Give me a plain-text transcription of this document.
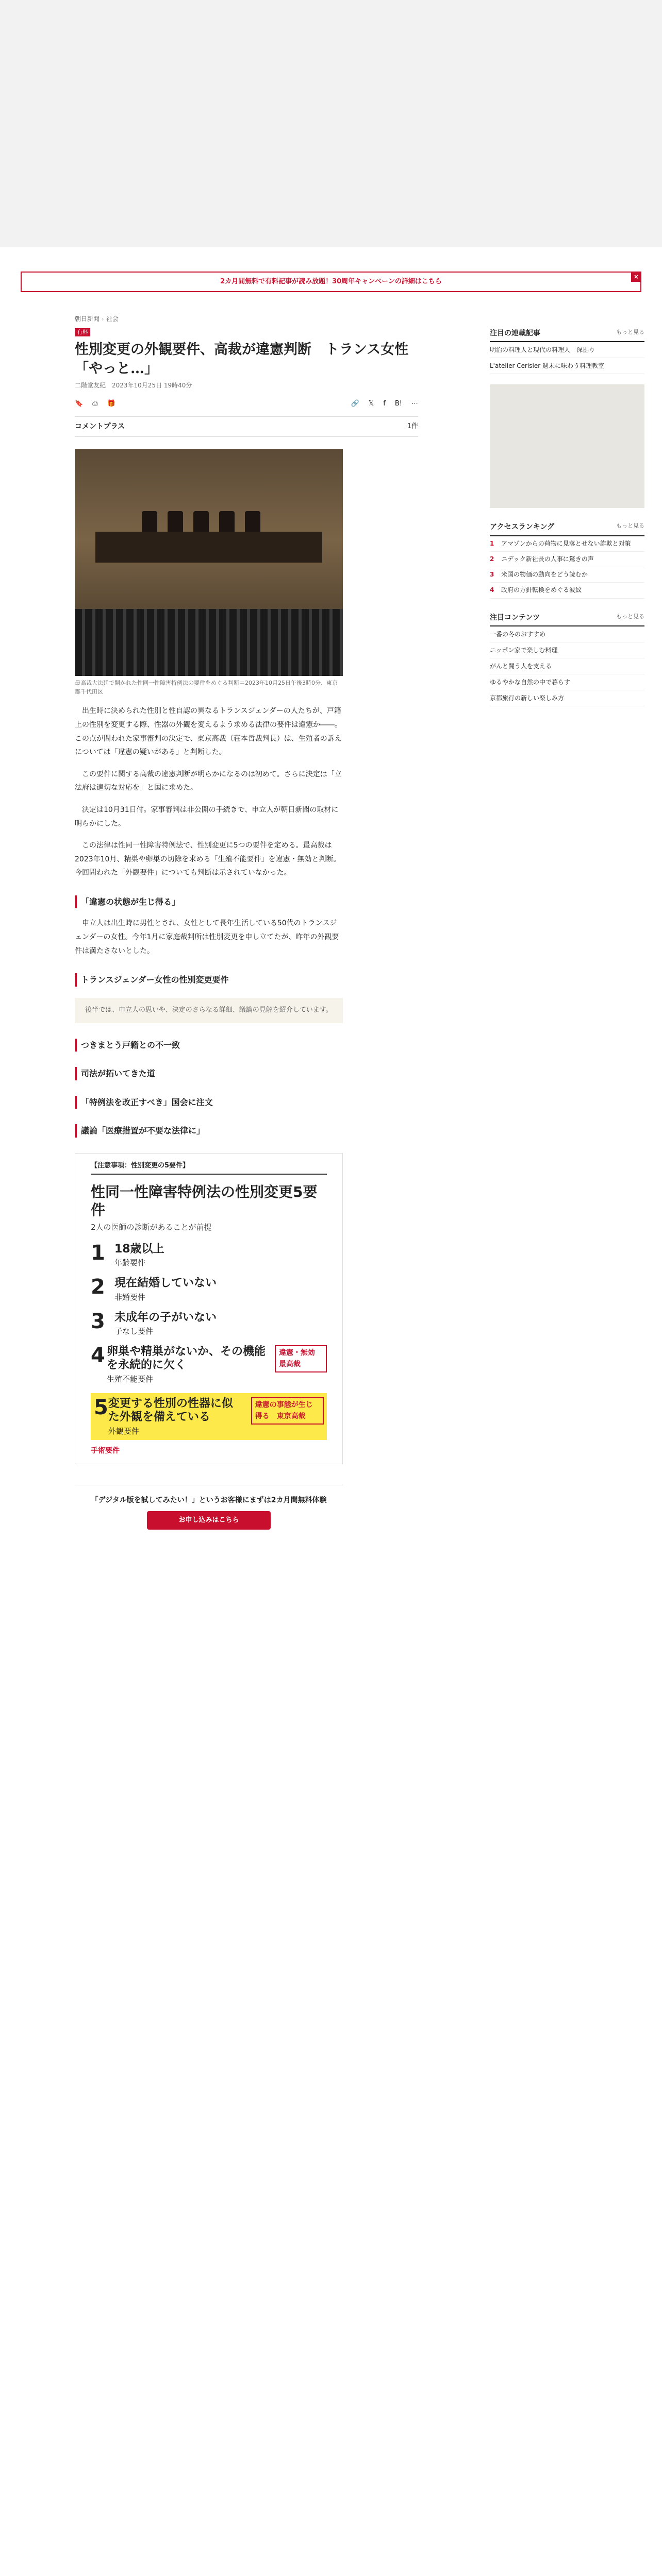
2カ月間無料で有料記事が読み放題！30周年キャンペーンの詳細はこちら
×
朝日新聞 › 社会
有料
性別変更の外観要件、高裁が違憲判断　トランス女性「やっと…」
二階堂友紀　2023年10月25日 19時40分
🔖 ⎙ 🎁	🔗 𝕏 f B! ⋯
コメントプラス	1件
最高裁大法廷で開かれた性同一性障害特例法の要件をめぐる判断＝2023年10月25日午後3時0分、東京都千代田区

出生時に決められた性別と性自認の異なるトランスジェンダーの人たちが、戸籍上の性別を変更する際、性器の外観を変えるよう求める法律の要件は違憲か――。この点が問われた家事審判の決定で、東京高裁（荘本哲裁判長）は、生殖者の訴えについては「違憲の疑いがある」と判断した。

この要件に関する高裁の違憲判断が明らかになるのは初めて。さらに決定は「立法府は適切な対応を」と国に求めた。

決定は10月31日付。家事審判は非公開の手続きで、申立人が朝日新聞の取材に明らかにした。

この法律は性同一性障害特例法で、性別変更に5つの要件を定める。最高裁は2023年10月、精巣や卵巣の切除を求める「生殖不能要件」を違憲・無効と判断。今回問われた「外観要件」についても判断は示されていなかった。

「違憲の状態が生じ得る」

申立人は出生時に男性とされ、女性として長年生活している50代のトランスジェンダーの女性。今年1月に家庭裁判所は性別変更を申し立てたが、昨年の外観要件は満たさないとした。

トランスジェンダー女性の性別変更要件
後半では、申立人の思いや、決定のさらなる詳細、議論の見解を紹介しています。
つきまとう戸籍との不一致
司法が拓いてきた道
「特例法を改正すべき」国会に注文
議論「医療措置が不要な法律に」
【注意事項：性別変更の5要件】
性同一性障害特例法の性別変更5要件
2人の医師の診断があることが前提
1 18歳以上
年齢要件
2 現在結婚していない
非婚要件
3 未成年の子がいない
子なし要件
4 卵巣や精巣がないか、その機能を永続的に欠く
生殖不能要件
違憲・無効　最高裁
5 変更する性別の性器に似た外観を備えている
外観要件
違憲の事態が生じ得る　東京高裁
手術要件
「デジタル版を試してみたい！」というお客様にまずは2カ月間無料体験
お申し込みはこちら
注目の連載記事	もっと見る
明治の料理人と現代の料理人　深掘り
L'atelier Cerisier 週末に味わう料理教室
アクセスランキング	もっと見る
1	アマゾンからの荷物に見落とせない詐欺と対策
2	ニデック新社長の人事に驚きの声
3	米国の物価の動向をどう読むか
4	政府の方針転換をめぐる波紋
注目コンテンツ	もっと見る
一番の冬のおすすめ
ニッポン家で楽しむ料理
がんと闘う人を支える
ゆるやかな自然の中で暮らす
京都旅行の新しい楽しみ方
